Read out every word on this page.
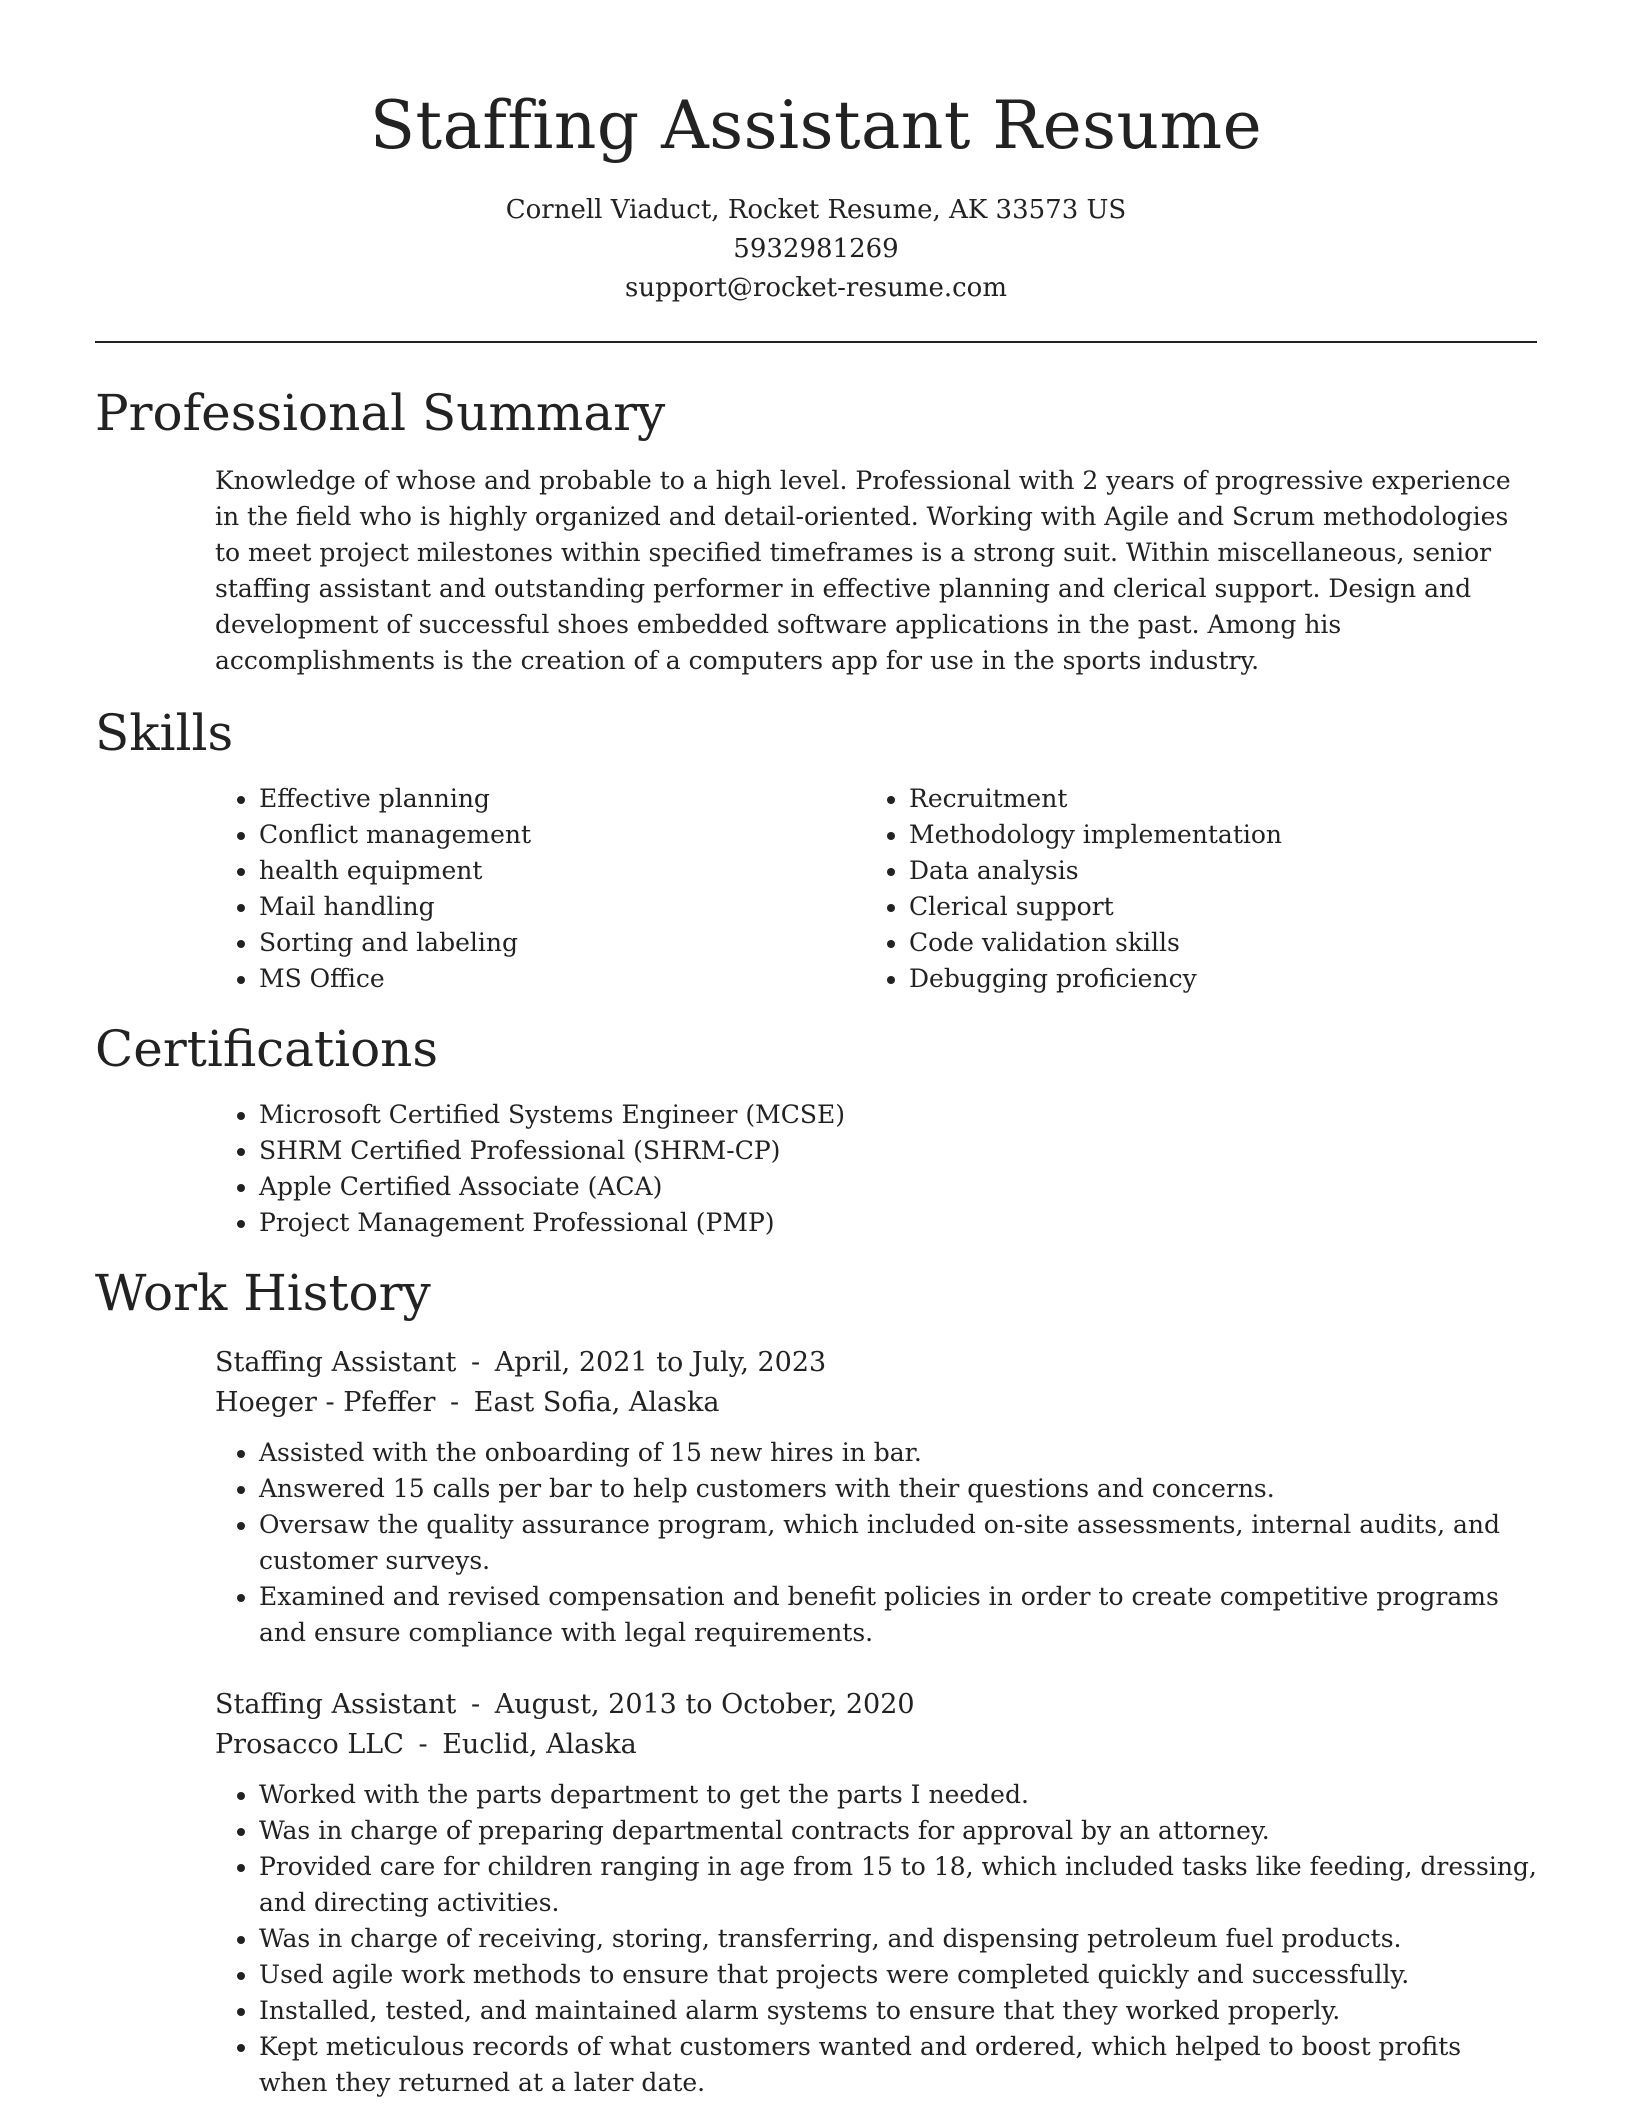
Staffing Assistant Resume
Cornell Viaduct, Rocket Resume, AK 33573 US
5932981269
support@rocket-resume.com
Professional Summary

Knowledge of whose and probable to a high level. Professional with 2 years of progressive experience in the field who is highly organized and detail-oriented. Working with Agile and Scrum methodologies to meet project milestones within specified timeframes is a strong suit. Within miscellaneous, senior staffing assistant and outstanding performer in effective planning and clerical support. Design and development of successful shoes embedded software applications in the past. Among his accomplishments is the creation of a computers app for use in the sports industry.

Skills
• Effective planning
• Conflict management
• health equipment
• Mail handling
• Sorting and labeling
• MS Office
• Recruitment
• Methodology implementation
• Data analysis
• Clerical support
• Code validation skills
• Debugging proficiency
Certifications
• Microsoft Certified Systems Engineer (MCSE)
• SHRM Certified Professional (SHRM-CP)
• Apple Certified Associate (ACA)
• Project Management Professional (PMP)
Work History
Staffing Assistant - April, 2021 to July, 2023
Hoeger - Pfeffer - East Sofia, Alaska
• Assisted with the onboarding of 15 new hires in bar.
• Answered 15 calls per bar to help customers with their questions and concerns.
• Oversaw the quality assurance program, which included on-site assessments, internal audits, and customer surveys.
• Examined and revised compensation and benefit policies in order to create competitive programs and ensure compliance with legal requirements.
Staffing Assistant - August, 2013 to October, 2020
Prosacco LLC - Euclid, Alaska
• Worked with the parts department to get the parts I needed.
• Was in charge of preparing departmental contracts for approval by an attorney.
• Provided care for children ranging in age from 15 to 18, which included tasks like feeding, dressing, and directing activities.
• Was in charge of receiving, storing, transferring, and dispensing petroleum fuel products.
• Used agile work methods to ensure that projects were completed quickly and successfully.
• Installed, tested, and maintained alarm systems to ensure that they worked properly.
• Kept meticulous records of what customers wanted and ordered, which helped to boost profits when they returned at a later date.
